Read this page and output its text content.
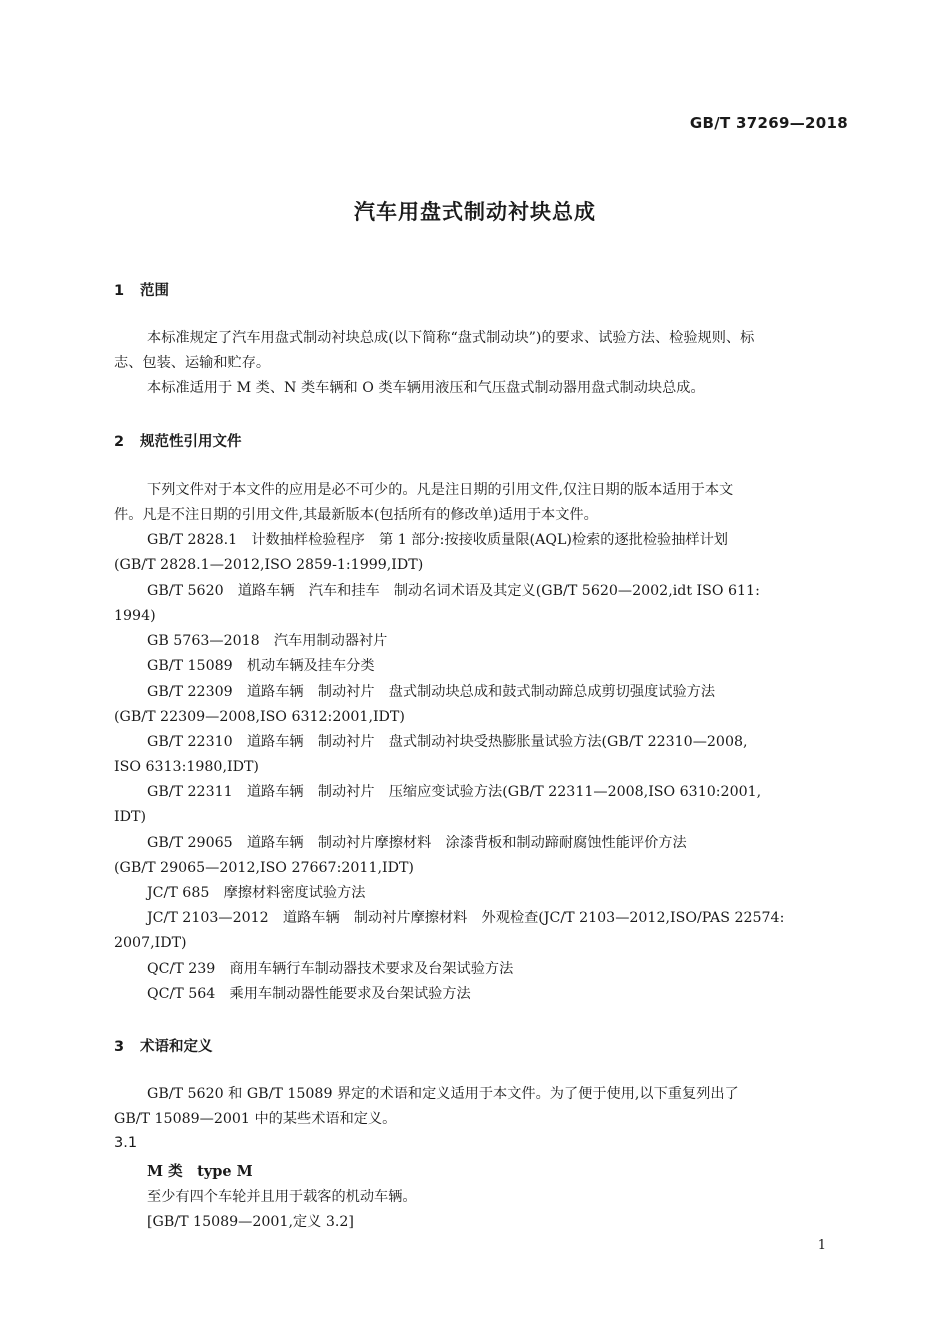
GB/T 37269—2018
汽车用盘式制动衬块总成
1 范围
本标准规定了汽车用盘式制动衬块总成(以下简称“盘式制动块”)的要求、试验方法、检验规则、标
志、包装、运输和贮存。
本标准适用于 M 类、N 类车辆和 O 类车辆用液压和气压盘式制动器用盘式制动块总成。
2 规范性引用文件
下列文件对于本文件的应用是必不可少的。凡是注日期的引用文件,仅注日期的版本适用于本文
件。凡是不注日期的引用文件,其最新版本(包括所有的修改单)适用于本文件。
GB/T 2828.1　计数抽样检验程序　第 1 部分:按接收质量限(AQL)检索的逐批检验抽样计划
(GB/T 2828.1—2012,ISO 2859-1:1999,IDT)
GB/T 5620　道路车辆　汽车和挂车　制动名词术语及其定义(GB/T 5620—2002,idt ISO 611:
1994)
GB 5763—2018　汽车用制动器衬片
GB/T 15089　机动车辆及挂车分类
GB/T 22309　道路车辆　制动衬片　盘式制动块总成和鼓式制动蹄总成剪切强度试验方法
(GB/T 22309—2008,ISO 6312:2001,IDT)
GB/T 22310　道路车辆　制动衬片　盘式制动衬块受热膨胀量试验方法(GB/T 22310—2008,
ISO 6313:1980,IDT)
GB/T 22311　道路车辆　制动衬片　压缩应变试验方法(GB/T 22311—2008,ISO 6310:2001,
IDT)
GB/T 29065　道路车辆　制动衬片摩擦材料　涂漆背板和制动蹄耐腐蚀性能评价方法
(GB/T 29065—2012,ISO 27667:2011,IDT)
JC/T 685　摩擦材料密度试验方法
JC/T 2103—2012　道路车辆　制动衬片摩擦材料　外观检查(JC/T 2103—2012,ISO/PAS 22574:
2007,IDT)
QC/T 239　商用车辆行车制动器技术要求及台架试验方法
QC/T 564　乘用车制动器性能要求及台架试验方法
3 术语和定义
GB/T 5620 和 GB/T 15089 界定的术语和定义适用于本文件。为了便于使用,以下重复列出了
GB/T 15089—2001 中的某些术语和定义。
3.1
M 类　type M
至少有四个车轮并且用于载客的机动车辆。
[GB/T 15089—2001,定义 3.2]
1
